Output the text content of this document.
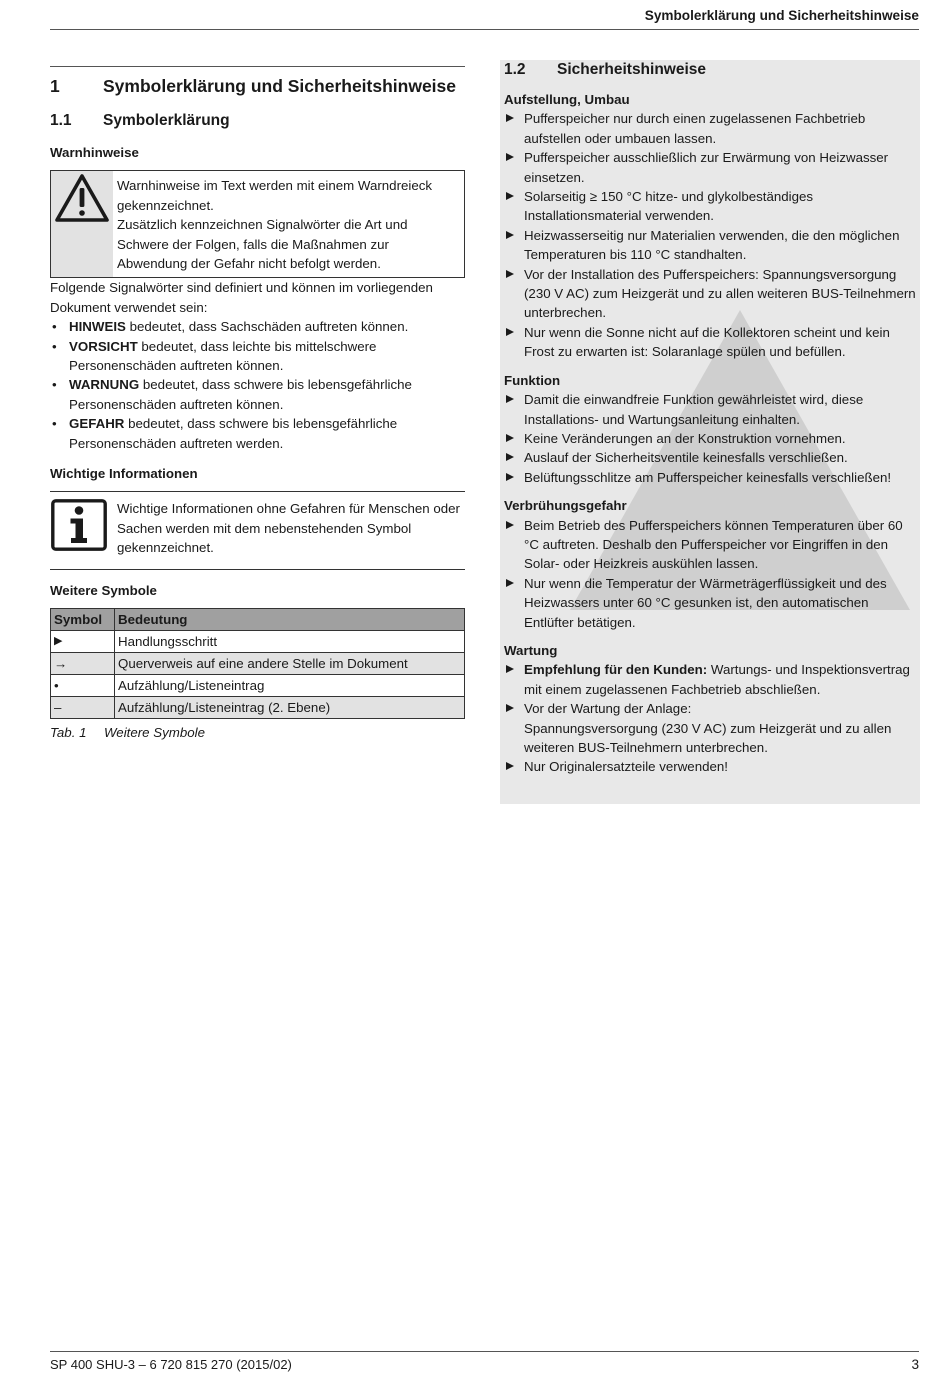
Symbolerklärung und Sicherheitshinweise
1	Symbolerklärung und Sicherheitshinweise
1.1	Symbolerklärung
Warnhinweise
Warnhinweise im Text werden mit einem Warndreieck gekennzeichnet.
Zusätzlich kennzeichnen Signalwörter die Art und Schwere der Folgen, falls die Maßnahmen zur Abwendung der Gefahr nicht befolgt werden.

Folgende Signalwörter sind definiert und können im vorliegenden Dokument verwendet sein:

• HINWEIS bedeutet, dass Sachschäden auftreten können.
• VORSICHT bedeutet, dass leichte bis mittelschwere Personenschäden auftreten können.
• WARNUNG bedeutet, dass schwere bis lebensgefährliche Personenschäden auftreten können.
• GEFAHR bedeutet, dass schwere bis lebensgefährliche Personenschäden auftreten werden.
Wichtige Informationen
Wichtige Informationen ohne Gefahren für Menschen oder Sachen werden mit dem nebenstehenden Symbol gekennzeichnet.
Weitere Symbole
Symbol	Bedeutung
▶	Handlungsschritt
→	Querverweis auf eine andere Stelle im Dokument
•	Aufzählung/Listeneintrag
–	Aufzählung/Listeneintrag (2. Ebene)
Tab. 1	Weitere Symbole
1.2	Sicherheitshinweise
Aufstellung, Umbau
Pufferspeicher nur durch einen zugelassenen Fachbetrieb aufstellen oder umbauen lassen.
Pufferspeicher ausschließlich zur Erwärmung von Heizwasser einsetzen.
Solarseitig ≥ 150 °C hitze- und glykolbeständiges Installationsmaterial verwenden.
Heizwasserseitig nur Materialien verwenden, die den möglichen Temperaturen bis 110 °C standhalten.
Vor der Installation des Pufferspeichers: Spannungsversorgung (230 V AC) zum Heizgerät und zu allen weiteren BUS-Teilnehmern unterbrechen.
Nur wenn die Sonne nicht auf die Kollektoren scheint und kein Frost zu erwarten ist: Solaranlage spülen und befüllen.
Funktion
Damit die einwandfreie Funktion gewährleistet wird, diese Installations- und Wartungsanleitung einhalten.
Keine Veränderungen an der Konstruktion vornehmen.
Auslauf der Sicherheitsventile keinesfalls verschließen.
Belüftungsschlitze am Pufferspeicher keinesfalls verschließen!
Verbrühungsgefahr
Beim Betrieb des Pufferspeichers können Temperaturen über 60 °C auftreten. Deshalb den Pufferspeicher vor Eingriffen in den Solar- oder Heizkreis auskühlen lassen.
Nur wenn die Temperatur der Wärmeträgerflüssigkeit und des Heizwassers unter 60 °C gesunken ist, den automatischen Entlüfter betätigen.
Wartung
Empfehlung für den Kunden: Wartungs- und Inspektionsvertrag mit einem zugelassenen Fachbetrieb abschließen.
Vor der Wartung der Anlage:
Spannungsversorgung (230 V AC) zum Heizgerät und zu allen weiteren BUS-Teilnehmern unterbrechen.
Nur Originalersatzteile verwenden!
SP 400 SHU-3 – 6 720 815 270 (2015/02)	3
